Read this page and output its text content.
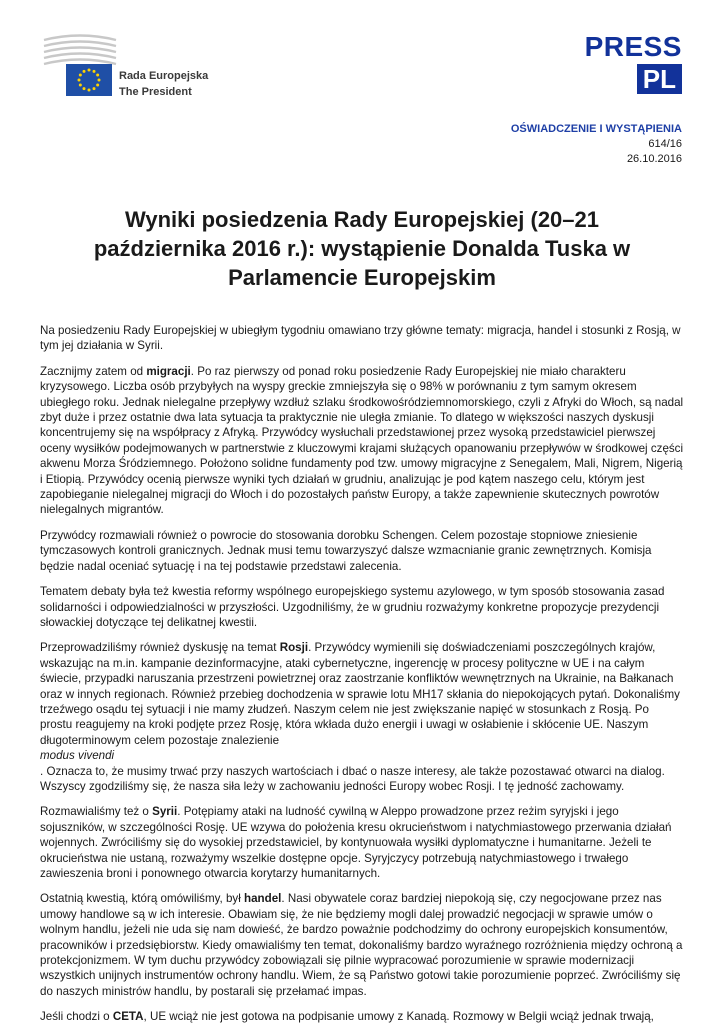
Rada Europejska
The President
PRESS
PL
OŚWIADCZENIE I WYSTĄPIENIA
614/16
26.10.2016
Wyniki posiedzenia Rady Europejskiej (20–21 października 2016 r.): wystąpienie Donalda Tuska w Parlamencie Europejskim

Na posiedzeniu Rady Europejskiej w ubiegłym tygodniu omawiano trzy główne tematy: migracja, handel i stosunki z Rosją, w tym jej działania w Syrii.

Zacznijmy zatem od migracji. Po raz pierwszy od ponad roku posiedzenie Rady Europejskiej nie miało charakteru kryzysowego. Liczba osób przybyłych na wyspy greckie zmniejszyła się o 98% w porównaniu z tym samym okresem ubiegłego roku. Jednak nielegalne przepływy wzdłuż szlaku środkowośródziemnomorskiego, czyli z Afryki do Włoch, są nadal zbyt duże i przez ostatnie dwa lata sytuacja ta praktycznie nie uległa zmianie. To dlatego w większości naszych dyskusji koncentrujemy się na współpracy z Afryką. Przywódcy wysłuchali przedstawionej przez wysoką przedstawiciel pierwszej oceny wysiłków podejmowanych w partnerstwie z kluczowymi krajami służących opanowaniu przepływów w środkowej części akwenu Morza Śródziemnego. Położono solidne fundamenty pod tzw. umowy migracyjne z Senegalem, Mali, Nigrem, Nigerią i Etiopią. Przywódcy ocenią pierwsze wyniki tych działań w grudniu, analizując je pod kątem naszego celu, którym jest zapobieganie nielegalnej migracji do Włoch i do pozostałych państw Europy, a także zapewnienie skutecznych powrotów nielegalnych migrantów.

Przywódcy rozmawiali również o powrocie do stosowania dorobku Schengen. Celem pozostaje stopniowe zniesienie tymczasowych kontroli granicznych. Jednak musi temu towarzyszyć dalsze wzmacnianie granic zewnętrznych. Komisja będzie nadal oceniać sytuację i na tej podstawie przedstawi zalecenia.

Tematem debaty była też kwestia reformy wspólnego europejskiego systemu azylowego, w tym sposób stosowania zasad solidarności i odpowiedzialności w przyszłości. Uzgodniliśmy, że w grudniu rozważymy konkretne propozycje prezydencji słowackiej dotyczące tej delikatnej kwestii.

Przeprowadziliśmy również dyskusję na temat Rosji. Przywódcy wymienili się doświadczeniami poszczególnych krajów, wskazując na m.in. kampanie dezinformacyjne, ataki cybernetyczne, ingerencję w procesy polityczne w UE i na całym świecie, przypadki naruszania przestrzeni powietrznej oraz zaostrzanie konfliktów wewnętrznych na Ukrainie, na Bałkanach oraz w innych regionach. Również przebieg dochodzenia w sprawie lotu MH17 skłania do niepokojących pytań. Dokonaliśmy trzeźwego osądu tej sytuacji i nie mamy złudzeń. Naszym celem nie jest zwiększanie napięć w stosunkach z Rosją. Po prostu reagujemy na kroki podjęte przez Rosję, która wkłada dużo energii i uwagi w osłabienie i skłócenie UE. Naszym długoterminowym celem pozostaje znalezienie
modus vivendi
. Oznacza to, że musimy trwać przy naszych wartościach i dbać o nasze interesy, ale także pozostawać otwarci na dialog. Wszyscy zgodziliśmy się, że nasza siła leży w zachowaniu jedności Europy wobec Rosji. I tę jedność zachowamy.

Rozmawialiśmy też o Syrii. Potępiamy ataki na ludność cywilną w Aleppo prowadzone przez reżim syryjski i jego sojuszników, w szczególności Rosję. UE wzywa do położenia kresu okrucieństwom i natychmiastowego przerwania działań wojennych. Zwróciliśmy się do wysokiej przedstawiciel, by kontynuowała wysiłki dyplomatyczne i humanitarne. Jeżeli te okrucieństwa nie ustaną, rozważymy wszelkie dostępne opcje. Syryjczycy potrzebują natychmiastowego i trwałego zawieszenia broni i ponownego otwarcia korytarzy humanitarnych.

Ostatnią kwestią, którą omówiliśmy, był handel. Nasi obywatele coraz bardziej niepokoją się, czy negocjowane przez nas umowy handlowe są w ich interesie. Obawiam się, że nie będziemy mogli dalej prowadzić negocjacji w sprawie umów o wolnym handlu, jeżeli nie uda się nam dowieść, że bardzo poważnie podchodzimy do ochrony europejskich konsumentów, pracowników i przedsiębiorstw. Kiedy omawialiśmy ten temat, dokonaliśmy bardzo wyraźnego rozróżnienia między ochroną a protekcjonizmem. W tym duchu przywódcy zobowiązali się pilnie wypracować porozumienie w sprawie modernizacji wszystkich unijnych instrumentów ochrony handlu. Wiem, że są Państwo gotowi takie porozumienie poprzeć. Zwróciliśmy się do naszych ministrów handlu, by postarali się przełamać impas.

Jeśli chodzi o CETA, UE wciąż nie jest gotowa na podpisanie umowy z Kanadą. Rozmowy w Belgii wciąż jednak trwają,
